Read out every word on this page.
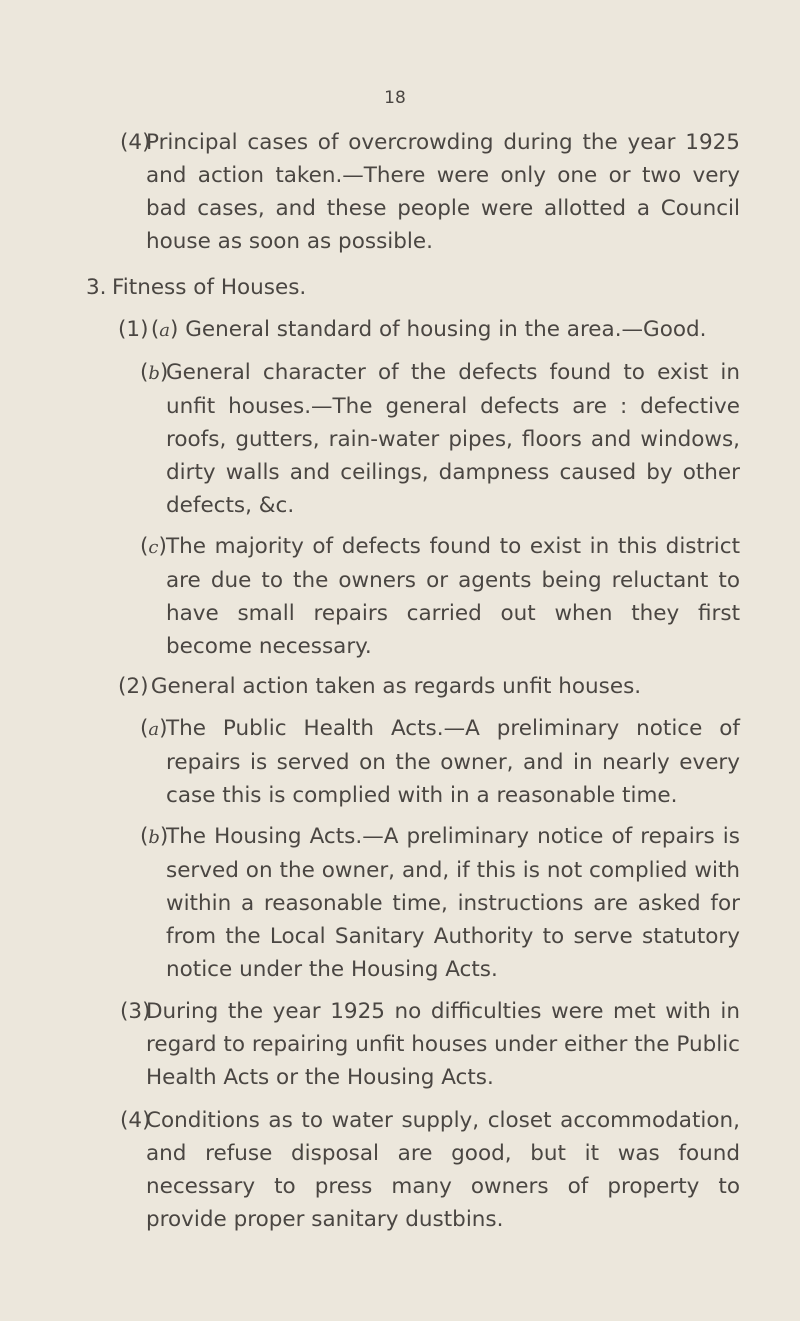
18

(4)Principal cases of overcrowding during the year 1925 and action taken.—There were only one or two very bad cases, and these people were allotted a Council house as soon as possible.

3. Fitness of Houses.

(1) (a) General standard of housing in the area.—Good.

(b)General character of the defects found to exist in unfit houses.—The general defects are : defective roofs, gutters, rain-water pipes, floors and windows, dirty walls and ceilings, dampness caused by other defects, &c.

(c)The majority of defects found to exist in this district are due to the owners or agents being reluctant to have small repairs carried out when they first become necessary.

(2) General action taken as regards unfit houses.

(a)The Public Health Acts.—A preliminary notice of repairs is served on the owner, and in nearly every case this is complied with in a reasonable time.

(b)The Housing Acts.—A preliminary notice of repairs is served on the owner, and, if this is not complied with within a reasonable time, instructions are asked for from the Local Sanitary Authority to serve statutory notice under the Housing Acts.

(3)During the year 1925 no difficulties were met with in regard to repairing unfit houses under either the Public Health Acts or the Housing Acts.

(4)Conditions as to water supply, closet accommodation, and refuse disposal are good, but it was found necessary to press many owners of property to provide proper sanitary dustbins.
